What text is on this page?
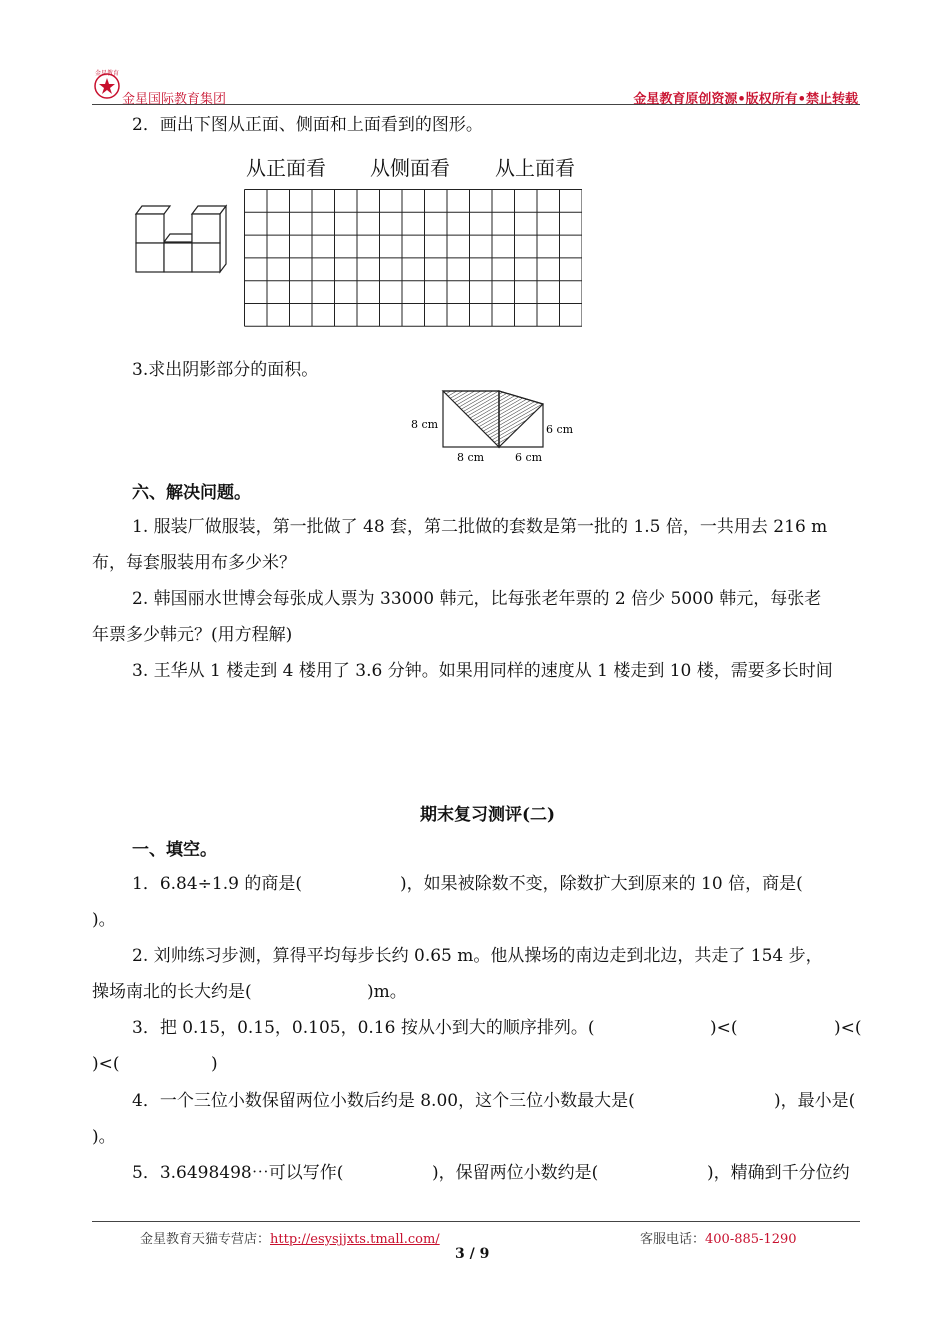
金星教育
金星国际教育集团	金星教育原创资源•版权所有•禁止转载
2．画出下图从正面、侧面和上面看到的图形。
从正面看 从侧面看 从上面看
3.求出阴影部分的面积。
8 cm	6 cm
8 cm	6 cm
六、解决问题。
1. 服装厂做服装，第一批做了 48 套，第二批做的套数是第一批的 1.5 倍，一共用去 216 m
布，每套服装用布多少米？
2. 韩国丽水世博会每张成人票为 33000 韩元，比每张老年票的 2 倍少 5000 韩元，每张老
年票多少韩元？(用方程解)
3. 王华从 1 楼走到 4 楼用了 3.6 分钟。如果用同样的速度从 1 楼走到 10 楼，需要多长时间
期末复习测评(二)
一、填空。
1．6.84÷1.9 的商是(	)，如果被除数不变，除数扩大到原来的 10 倍，商是(
)。
2. 刘帅练习步测，算得平均每步长约 0.65 m。他从操场的南边走到北边，共走了 154 步，
操场南北的长大约是(	)m。
3．把 0.15，0.15，0.105，0.16 按从小到大的顺序排列。(	)<(	)<(
)<(	)
4．一个三位小数保留两位小数后约是 8.00，这个三位小数最大是(	)，最小是(
)。
5．3.6498498⋯可以写作(	)，保留两位小数约是(	)，精确到千分位约
金星教育天猫专营店：http://esysjjxts.tmall.com/	客服电话：400-885-1290
3 / 9
